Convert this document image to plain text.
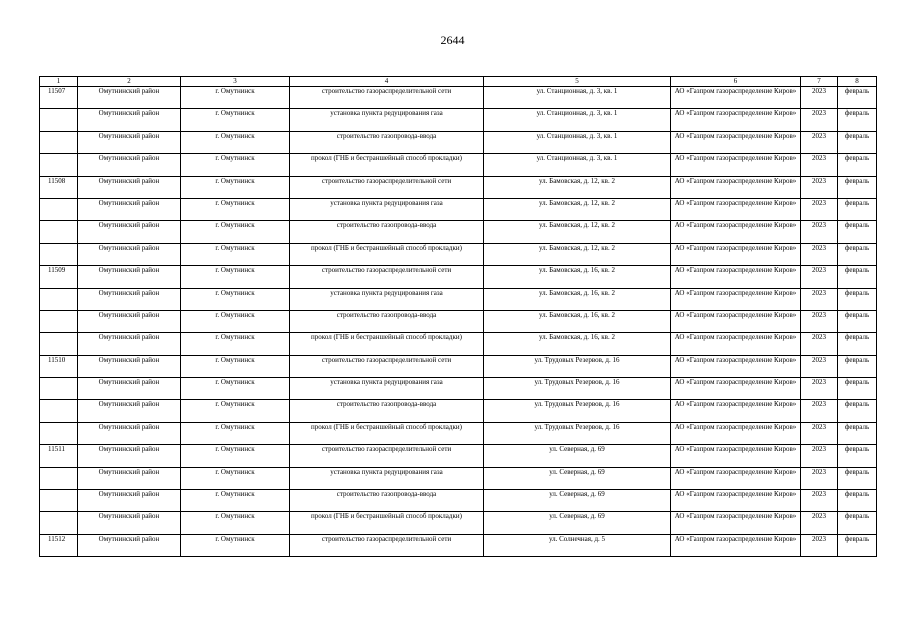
2644
1	2	3	4	5	6	7	8
11507	Омутнинский район	г. Омутнинск	строительство газораспределительной сети	ул. Станционная, д. 3, кв. 1	АО «Газпром газораспределение Киров»	2023	февраль
	Омутнинский район	г. Омутнинск	установка пункта редуцирования газа	ул. Станционная, д. 3, кв. 1	АО «Газпром газораспределение Киров»	2023	февраль
	Омутнинский район	г. Омутнинск	строительство газопровода-ввода	ул. Станционная, д. 3, кв. 1	АО «Газпром газораспределение Киров»	2023	февраль
	Омутнинский район	г. Омутнинск	прокол (ГНБ и бестраншейный способ прокладки)	ул. Станционная, д. 3, кв. 1	АО «Газпром газораспределение Киров»	2023	февраль
11508	Омутнинский район	г. Омутнинск	строительство газораспределительной сети	ул. Бамовская, д. 12, кв. 2	АО «Газпром газораспределение Киров»	2023	февраль
	Омутнинский район	г. Омутнинск	установка пункта редуцирования газа	ул. Бамовская, д. 12, кв. 2	АО «Газпром газораспределение Киров»	2023	февраль
	Омутнинский район	г. Омутнинск	строительство газопровода-ввода	ул. Бамовская, д. 12, кв. 2	АО «Газпром газораспределение Киров»	2023	февраль
	Омутнинский район	г. Омутнинск	прокол (ГНБ и бестраншейный способ прокладки)	ул. Бамовская, д. 12, кв. 2	АО «Газпром газораспределение Киров»	2023	февраль
11509	Омутнинский район	г. Омутнинск	строительство газораспределительной сети	ул. Бамовская, д. 16, кв. 2	АО «Газпром газораспределение Киров»	2023	февраль
	Омутнинский район	г. Омутнинск	установка пункта редуцирования газа	ул. Бамовская, д. 16, кв. 2	АО «Газпром газораспределение Киров»	2023	февраль
	Омутнинский район	г. Омутнинск	строительство газопровода-ввода	ул. Бамовская, д. 16, кв. 2	АО «Газпром газораспределение Киров»	2023	февраль
	Омутнинский район	г. Омутнинск	прокол (ГНБ и бестраншейный способ прокладки)	ул. Бамовская, д. 16, кв. 2	АО «Газпром газораспределение Киров»	2023	февраль
11510	Омутнинский район	г. Омутнинск	строительство газораспределительной сети	ул. Трудовых Резервов, д. 16	АО «Газпром газораспределение Киров»	2023	февраль
	Омутнинский район	г. Омутнинск	установка пункта редуцирования газа	ул. Трудовых Резервов, д. 16	АО «Газпром газораспределение Киров»	2023	февраль
	Омутнинский район	г. Омутнинск	строительство газопровода-ввода	ул. Трудовых Резервов, д. 16	АО «Газпром газораспределение Киров»	2023	февраль
	Омутнинский район	г. Омутнинск	прокол (ГНБ и бестраншейный способ прокладки)	ул. Трудовых Резервов, д. 16	АО «Газпром газораспределение Киров»	2023	февраль
11511	Омутнинский район	г. Омутнинск	строительство газораспределительной сети	ул. Северная, д. 69	АО «Газпром газораспределение Киров»	2023	февраль
	Омутнинский район	г. Омутнинск	установка пункта редуцирования газа	ул. Северная, д. 69	АО «Газпром газораспределение Киров»	2023	февраль
	Омутнинский район	г. Омутнинск	строительство газопровода-ввода	ул. Северная, д. 69	АО «Газпром газораспределение Киров»	2023	февраль
	Омутнинский район	г. Омутнинск	прокол (ГНБ и бестраншейный способ прокладки)	ул. Северная, д. 69	АО «Газпром газораспределение Киров»	2023	февраль
11512	Омутнинский район	г. Омутнинск	строительство газораспределительной сети	ул. Солнечная, д. 5	АО «Газпром газораспределение Киров»	2023	февраль
